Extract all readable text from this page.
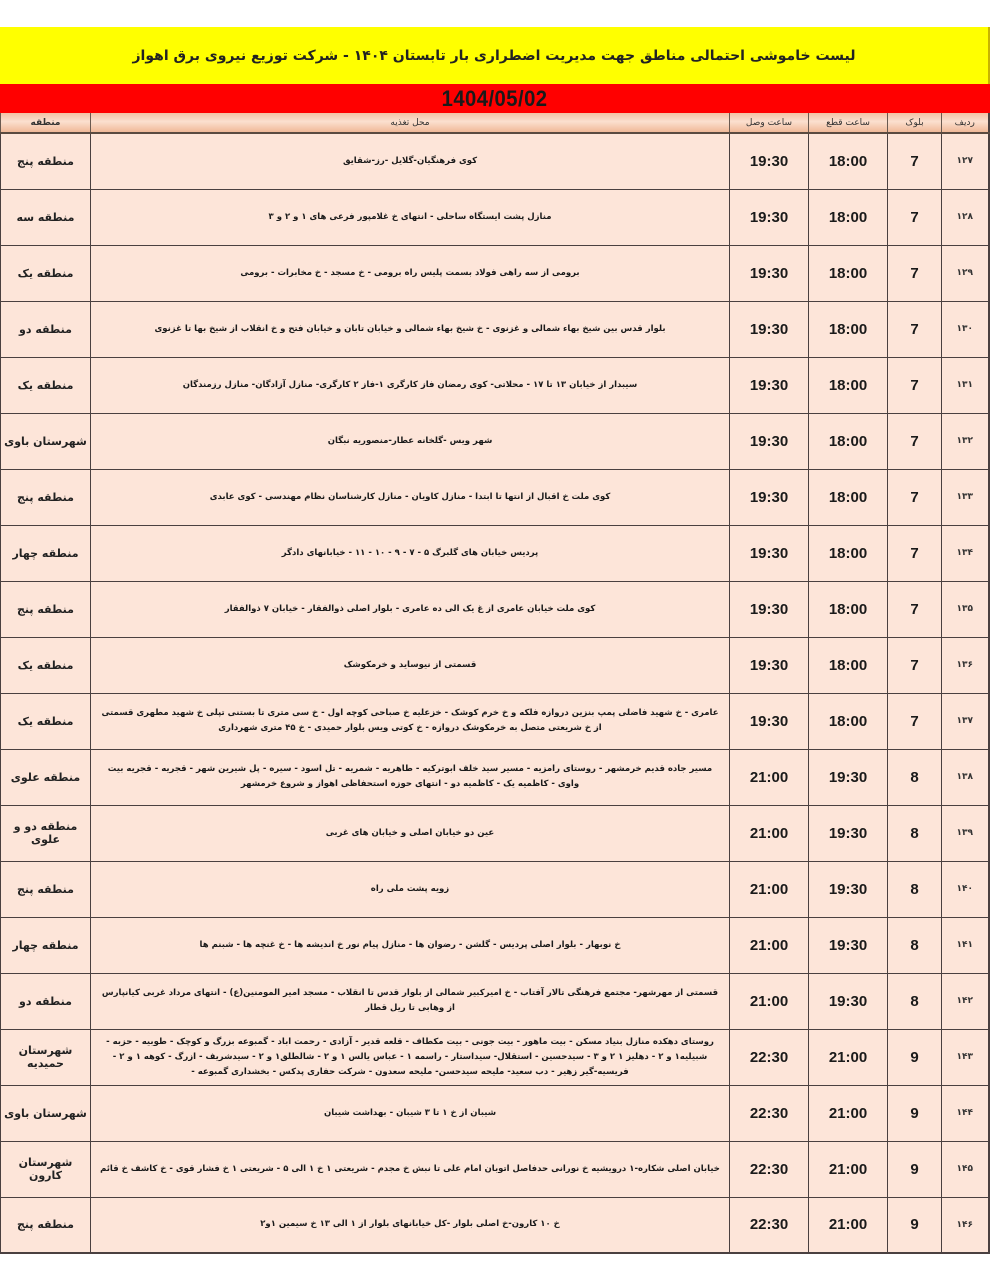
لیست خاموشی احتمالی مناطق جهت مدیریت اضطراری بار تابستان ۱۴۰۴ - شرکت توزیع نیروی برق اهواز
1404/05/02
ردیف	بلوک	ساعت قطع	ساعت وصل	محل تغذیه	منطقه
۱۲۷	7	18:00	19:30	کوی فرهنگیان-گلایل -رز-شقایق	منطقه پنج
۱۲۸	7	18:00	19:30	منازل پشت ایستگاه ساحلی - انتهای خ غلامپور فرعی های ۱ و ۲ و ۳	منطقه سه
۱۲۹	7	18:00	19:30	برومی از سه راهی فولاد بسمت پلیس راه برومی - خ مسجد - خ مخابرات - برومی	منطقه یک
۱۳۰	7	18:00	19:30	بلوار قدس بین شیخ بهاء شمالی و غزنوی - خ شیخ بهاء شمالی و خیابان تابان و خیابان فتح و خ انقلاب از شیخ بها تا غزنوی	منطقه دو
۱۳۱	7	18:00	19:30	سیبدار از خیابان ۱۳ تا ۱۷ - محلاتی- کوی رمضان فاز کارگری ۱-فاز ۲ کارگری- منازل آزادگان- منازل رزمندگان	منطقه یک
۱۳۲	7	18:00	19:30	شهر ویس -گلخانه عطار-منصوریه نبگان	شهرستان باوی
۱۳۳	7	18:00	19:30	کوی ملت خ اقبال از انتها تا ابتدا - منازل کاویان - منازل کارشناسان نظام مهندسی - کوی عابدی	منطقه پنج
۱۳۴	7	18:00	19:30	پردیس خیابان های گلبرگ ۵ - ۷ - ۹ - ۱۰ - ۱۱ - خیابانهای دادگر	منطقه چهار
۱۳۵	7	18:00	19:30	کوی ملت خیابان عامری از غ یک الی ده عامری - بلوار اصلی ذوالفقار - خیابان ۷ ذوالفقار	منطقه پنج
۱۳۶	7	18:00	19:30	قسمتی از نیوساید و خرمکوشک	منطقه یک
۱۳۷	7	18:00	19:30	عامری - خ شهید فاضلی پمپ بنزین دروازه فلکه و خ خرم کوشک - خزعلیه خ صباحی کوچه اول - خ سی متری تا بستنی تپلی خ شهید مطهری قسمتی از خ شریعتی متصل به خرمکوشک دروازه - خ کوتی ویس بلوار حمیدی - خ ۴۵ متری شهرداری	منطقه یک
۱۳۸	8	19:30	21:00	مسیر جاده قدیم خرمشهر - روستای رامزیه - مسیر سید خلف ابوترکیه - طاهریه - شمریه - تل اسود - سیره - پل شیرین شهر - قجریه - قجریه بیت واوی - کاظمیه یک - کاظمیه دو - انتهای حوزه استحفاظی اهواز و شروع خرمشهر	منطقه علوی
۱۳۹	8	19:30	21:00	عین دو خیابان اصلی و خیابان های غربی	منطقه دو و علوی
۱۴۰	8	19:30	21:00	زویه پشت ملی راه	منطقه پنج
۱۴۱	8	19:30	21:00	خ نوبهار - بلوار اصلی پردیس - گلشن - رضوان ها - منازل پیام نور خ اندیشه ها - خ غنچه ها - شبنم ها	منطقه چهار
۱۴۲	8	19:30	21:00	قسمتی از مهرشهر- مجتمع فرهنگی تالار آفتاب - خ امیرکبیر شمالی از بلوار قدس تا انقلاب - مسجد امیر المومنین(ع) - انتهای مرداد غربی کیانپارس از وهابی تا ریل قطار	منطقه دو
۱۴۳	9	21:00	22:30	روستای دهکده منازل بنیاد مسکن - بیت ماهور - بیت جونی - بیت مکطاف - قلعه قدیر - آزادی - رحمت اباد - گمبوعه بزرگ و کوچک - طوبیه - حزبه - شبیلیه۱ و ۲ - دهلیز ۱ ۲ و ۳ - سیدحسین - استقلال- سیداستار - راسمه ۱ - عباس یالس ۱ و ۲ - شالطلق۱ و ۲ - سیدشریف - ازرگ - کوهه ۱ و ۲ - فریسیه-گیر زهیر - دب سعید- ملیحه سیدحسن- ملیحه سعدون - شرکت حفاری پدکس - بخشداری گمبوعه -	شهرستان حمیدیه
۱۴۴	9	21:00	22:30	شیبان از خ ۱ تا ۳ شیبان - بهداشت شیبان	شهرستان باوی
۱۴۵	9	21:00	22:30	خیابان اصلی شکاره-۱ درویشیه خ نورانی حدفاصل اتوبان امام علی تا نبش خ مجدم - شریعتی ۱ خ ۱ الی ۵ - شریعتی ۱ خ فشار قوی - خ کاشف خ قائم	شهرستان کارون
۱۴۶	9	21:00	22:30	خ ۱۰ کارون-خ اصلی بلوار -کل خیابانهای بلوار از ۱ الی ۱۳ خ سیمین ۱و۲	منطقه پنج
